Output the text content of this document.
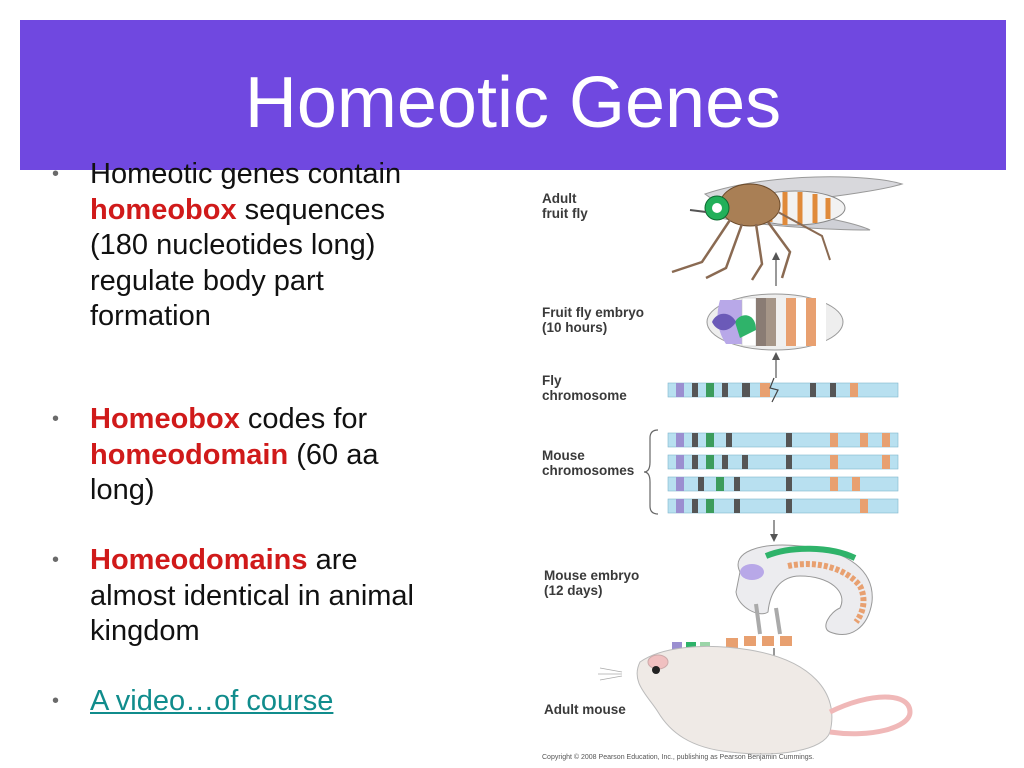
Homeotic Genes
• Homeotic genes contain homeobox sequences (180 nucleotides long) regulate body part formation
• Homeobox codes for homeodomain (60 aa long)
• Homeodomains are almost identical in animal kingdom
• A video…of course
Adult
fruit fly
Fruit fly embryo
(10 hours)
Fly
chromosome
Mouse
chromosomes
Mouse embryo
(12 days)
Adult mouse
Copyright © 2008 Pearson Education, Inc., publishing as Pearson Benjamin Cummings.
